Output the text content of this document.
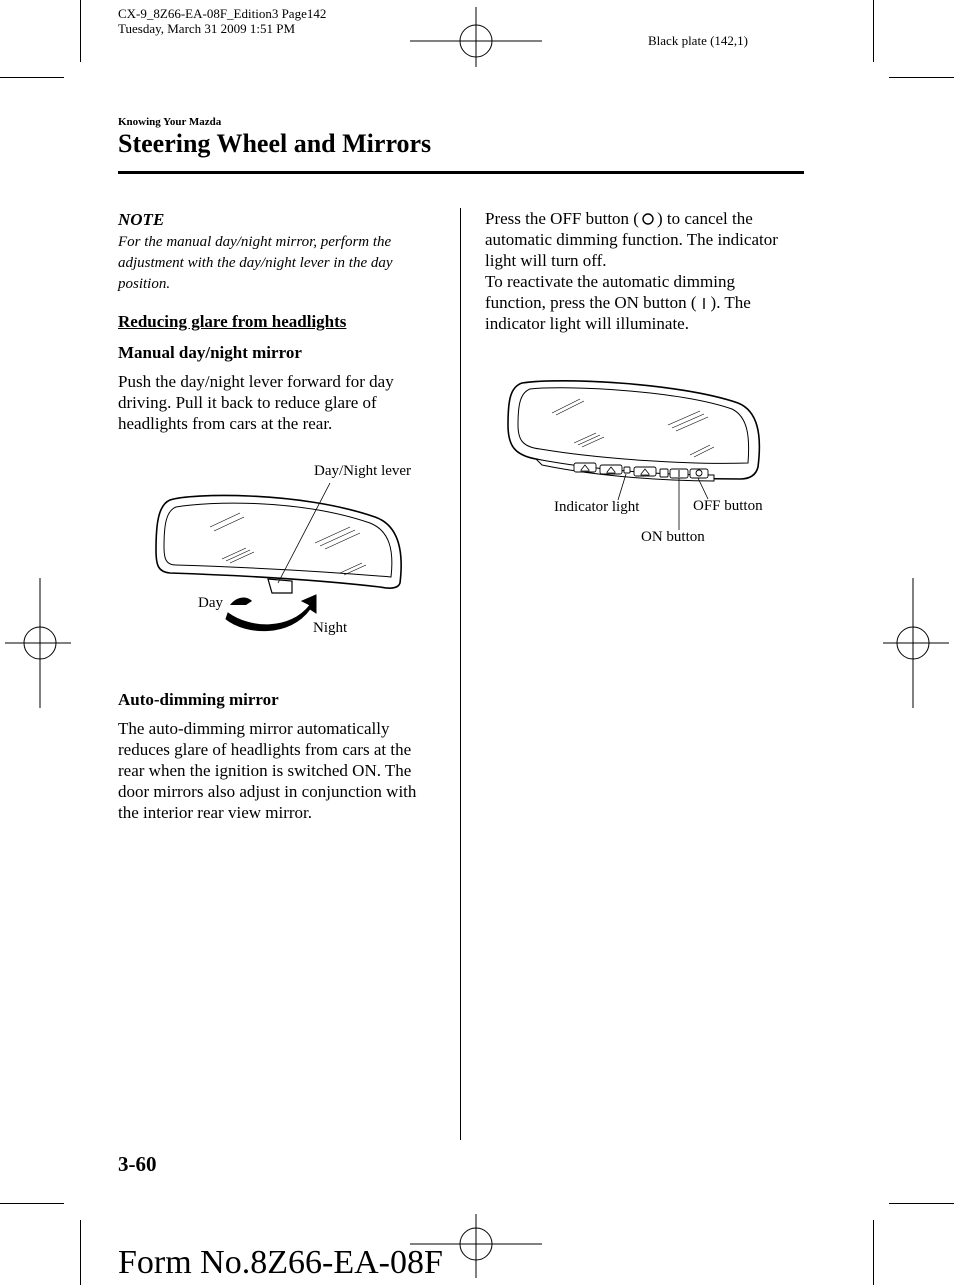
CX-9_8Z66-EA-08F_Edition3 Page142
Tuesday, March 31 2009 1:51 PM
Black plate (142,1)
Knowing Your Mazda
Steering Wheel and Mirrors

NOTE

For the manual day/night mirror, perform the adjustment with the day/night lever in the day position.

Reducing glare from headlights

Manual day/night mirror

Push the day/night lever forward for day driving. Pull it back to reduce glare of headlights from cars at the rear.

Day/Night lever
Day
Night

Auto-dimming mirror

The auto-dimming mirror automatically reduces glare of headlights from cars at the rear when the ignition is switched ON. The door mirrors also adjust in conjunction with the interior rear view mirror.

Press the OFF button ( ) to cancel the automatic dimming function. The indicator light will turn off.

To reactivate the automatic dimming function, press the ON button ( ). The indicator light will illuminate.

Indicator light	OFF button
ON button
3-60
Form No.8Z66-EA-08F
